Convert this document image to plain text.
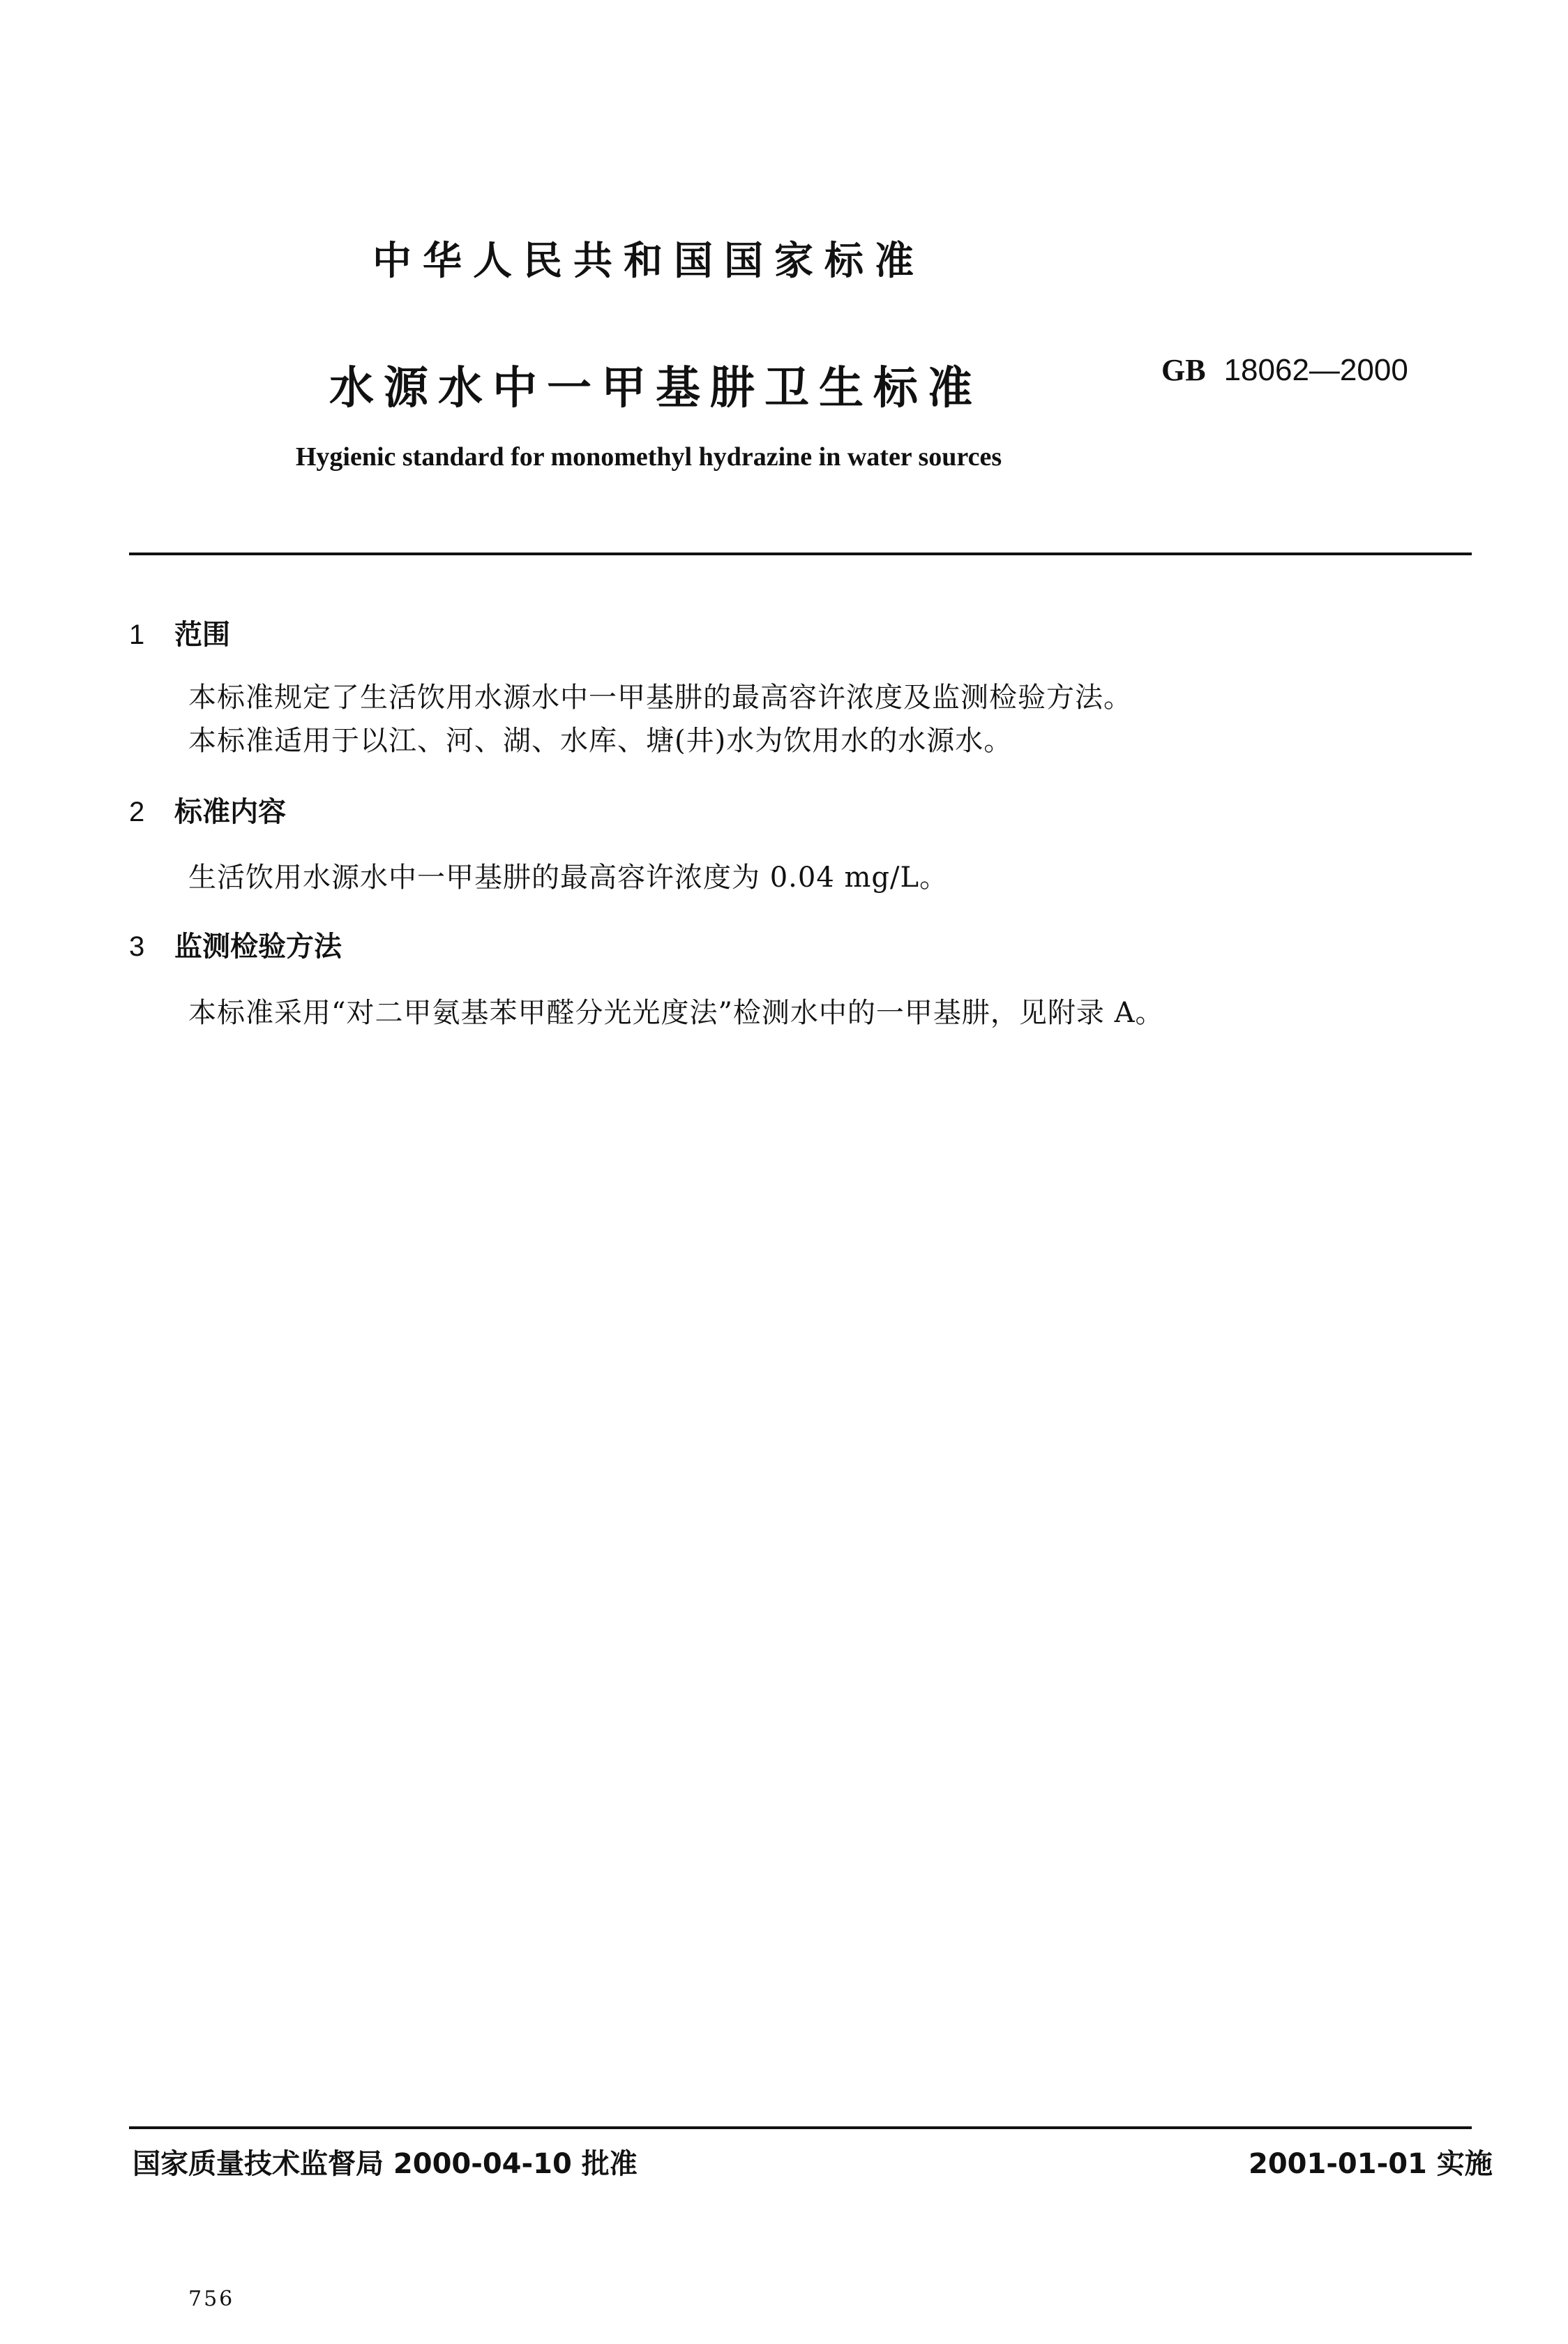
中华人民共和国国家标准
水源水中一甲基肼卫生标准	GB 18062—2000
Hygienic standard for monomethyl hydrazine in water sources
1 范围
本标准规定了生活饮用水源水中一甲基肼的最高容许浓度及监测检验方法。
本标准适用于以江、河、湖、水库、塘(井)水为饮用水的水源水。
2 标准内容
生活饮用水源水中一甲基肼的最高容许浓度为 0.04 mg/L。
3 监测检验方法
本标准采用“对二甲氨基苯甲醛分光光度法”检测水中的一甲基肼，见附录 A。
国家质量技术监督局 2000-04-10 批准	2001-01-01 实施
756
